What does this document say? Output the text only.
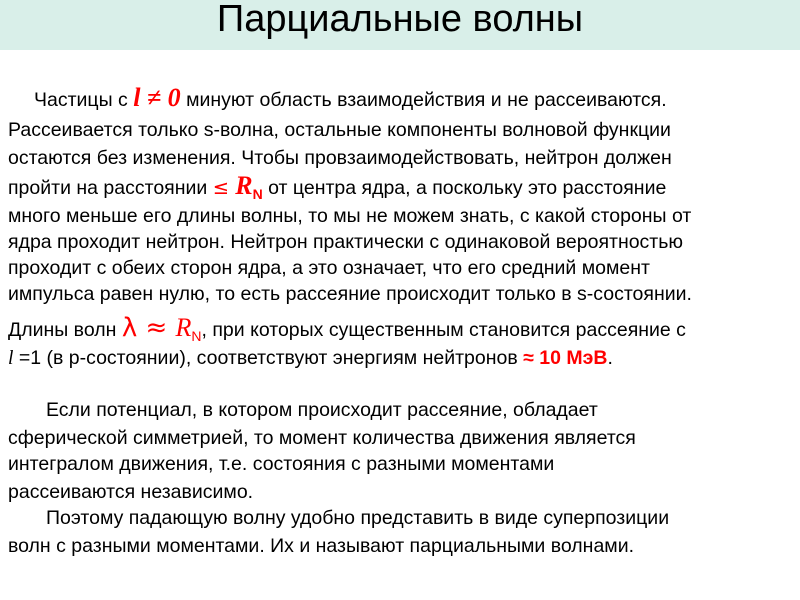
Парциальные волны
Частицы с l ≠ 0 минуют область взаимодействия и не рассеиваются.
Рассеивается только s-волна, остальные компоненты волновой функции
остаются без изменения. Чтобы провзаимодействовать, нейтрон должен
пройти на расстоянии ≤ $R_N$ от центра ядра, а поскольку это расстояние
много меньше его длины волны, то мы не можем знать, с какой стороны от
ядра проходит нейтрон. Нейтрон практически с одинаковой вероятностью
проходит с обеих сторон ядра, а это означает, что его средний момент
импульса равен нулю, то есть рассеяние происходит только в s-состоянии.
Длины волн $\lambda \approx R_N$, при которых существенным становится рассеяние с
l =1 (в p-состоянии), соответствуют энергиям нейтронов ≈ 10 МэВ.
Если потенциал, в котором происходит рассеяние, обладает
сферической симметрией, то момент количества движения является
интегралом движения, т.е. состояния с разными моментами
рассеиваются независимо.
Поэтому падающую волну удобно представить в виде суперпозиции
волн с разными моментами. Их и называют парциальными волнами.
